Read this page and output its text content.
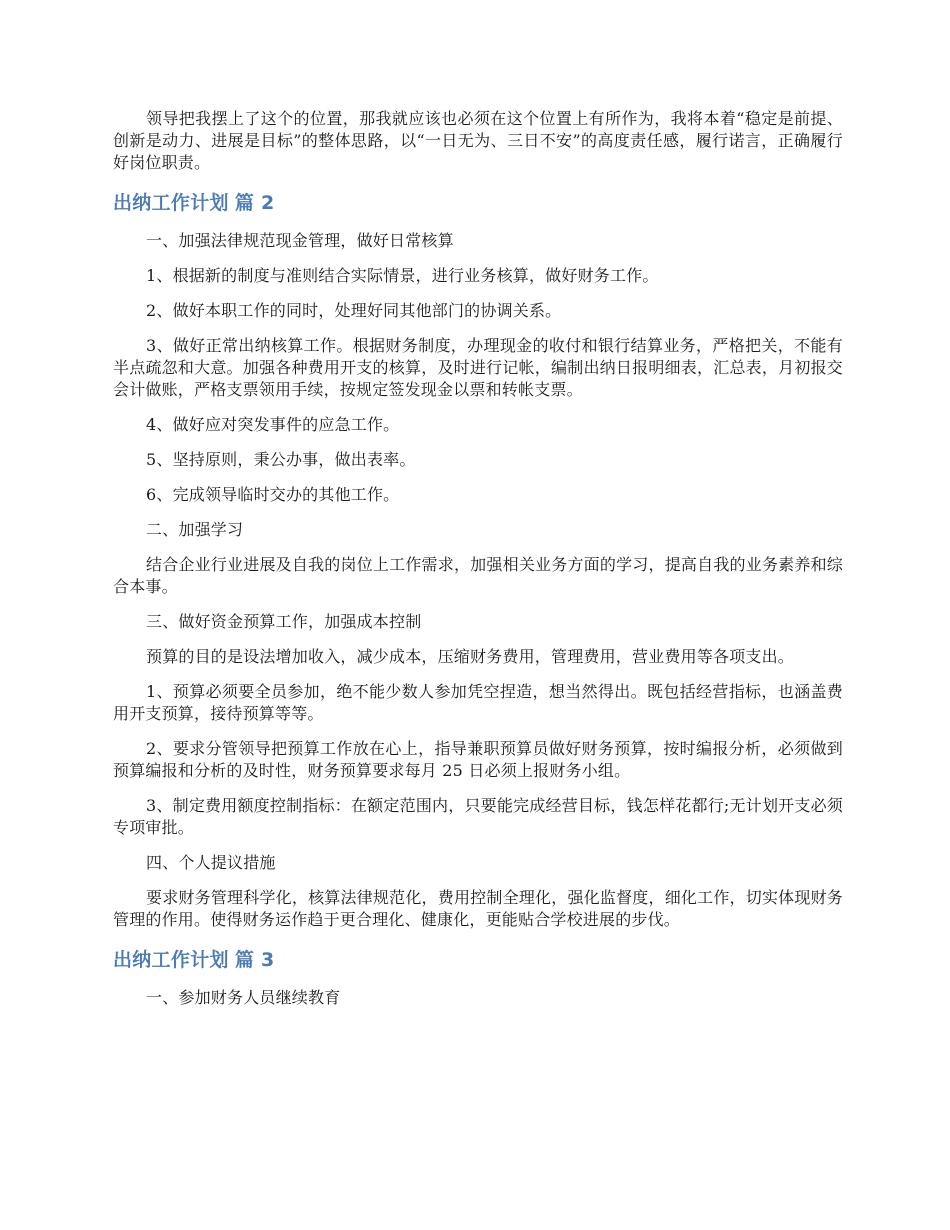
领导把我摆上了这个的位置，那我就应该也必须在这个位置上有所作为，我将本着“稳定是前提、创新是动力、进展是目标”的整体思路，以“一日无为、三日不安”的高度责任感，履行诺言，正确履行好岗位职责。

出纳工作计划 篇 2

一、加强法律规范现金管理，做好日常核算

1、根据新的制度与准则结合实际情景，进行业务核算，做好财务工作。

2、做好本职工作的同时，处理好同其他部门的协调关系。

3、做好正常出纳核算工作。根据财务制度，办理现金的收付和银行结算业务，严格把关，不能有半点疏忽和大意。加强各种费用开支的核算，及时进行记帐，编制出纳日报明细表，汇总表，月初报交会计做账，严格支票领用手续，按规定签发现金以票和转帐支票。

4、做好应对突发事件的应急工作。

5、坚持原则，秉公办事，做出表率。

6、完成领导临时交办的其他工作。

二、加强学习

结合企业行业进展及自我的岗位上工作需求，加强相关业务方面的学习，提高自我的业务素养和综合本事。

三、做好资金预算工作，加强成本控制

预算的目的是设法增加收入，减少成本，压缩财务费用，管理费用，营业费用等各项支出。

1、预算必须要全员参加，绝不能少数人参加凭空捏造，想当然得出。既包括经营指标，也涵盖费用开支预算，接待预算等等。

2、要求分管领导把预算工作放在心上，指导兼职预算员做好财务预算，按时编报分析，必须做到预算编报和分析的及时性，财务预算要求每月 25 日必须上报财务小组。

3、制定费用额度控制指标：在额定范围内，只要能完成经营目标，钱怎样花都行;无计划开支必须专项审批。

四、个人提议措施

要求财务管理科学化，核算法律规范化，费用控制全理化，强化监督度，细化工作，切实体现财务管理的作用。使得财务运作趋于更合理化、健康化，更能贴合学校进展的步伐。

出纳工作计划 篇 3

一、参加财务人员继续教育
